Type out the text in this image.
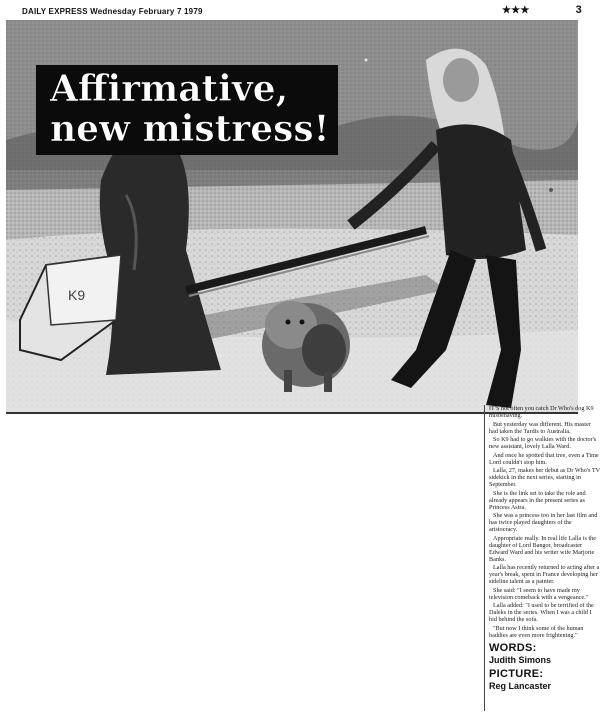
DAILY EXPRESS Wednesday February 7 1979	★★★	3
K9
Affirmative,
new mistress!

IT'S not often you catch Dr Who's dog K9 misbehaving.

But yesterday was different. His master had taken the Tardis to Australia.

So K9 had to go walkies with the doctor's new assistant, lovely Lalla Ward.

And once he spotted that tree, even a Time Lord couldn't stop him.

Lalla, 27, makes her debut as Dr Who's TV sidekick in the next series, starting in September.

She is the link set to take the role and already appears in the present series as Princess Astra.

She was a princess too in her last film and has twice played daughters of the aristocracy.

Appropriate really. In real life Lalla is the daughter of Lord Bangor, broadcaster Edward Ward and his writer wife Marjorie Banks.

Lalla has recently returned to acting after a year's break, spent in France developing her sideline talent as a painter.

She said: "I seem to have made my television comeback with a vengeance."

Lalla added: "I used to be terrified of the Daleks in the series. When I was a child I hid behind the sofa.

"But now I think some of the human baddies are even more frightening."

WORDS:
Judith Simons
PICTURE:
Reg Lancaster
